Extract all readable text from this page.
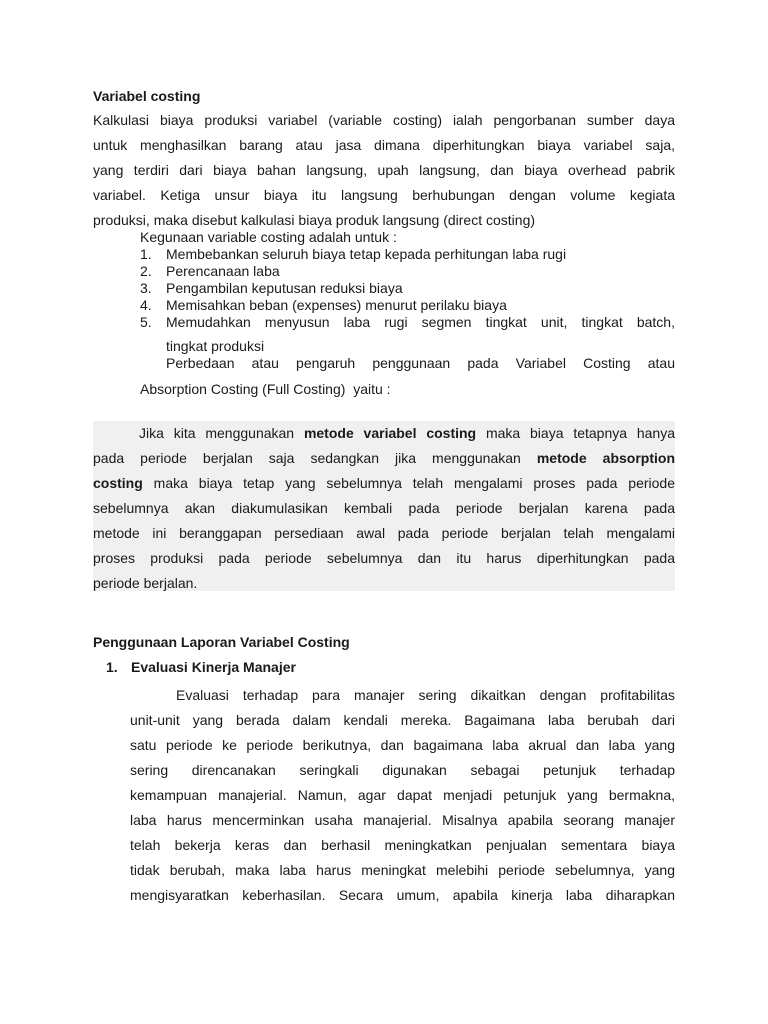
Variabel costing
Kalkulasi biaya produksi variabel (variable costing) ialah pengorbanan sumber daya
untuk menghasilkan barang atau jasa dimana diperhitungkan biaya variabel saja,
yang terdiri dari biaya bahan langsung, upah langsung, dan biaya overhead pabrik
variabel. Ketiga unsur biaya itu langsung berhubungan dengan volume kegiata
produksi, maka disebut kalkulasi biaya produk langsung (direct costing)
Kegunaan variable costing adalah untuk :
1.	Membebankan seluruh biaya tetap kepada perhitungan laba rugi
2.	Perencanaan laba
3.	Pengambilan keputusan reduksi biaya
4.	Memisahkan beban (expenses) menurut perilaku biaya
5.	Memudahkan menyusun laba rugi segmen tingkat unit, tingkat batch,
tingkat produksi
Perbedaan atau pengaruh penggunaan pada Variabel Costing atau
Absorption Costing (Full Costing)  yaitu :
Jika kita menggunakan metode variabel costing maka biaya tetapnya hanya
pada periode berjalan saja sedangkan jika menggunakan metode absorption
costing maka biaya tetap yang sebelumnya telah mengalami proses pada periode
sebelumnya akan diakumulasikan kembali pada periode berjalan karena pada
metode ini beranggapan persediaan awal pada periode berjalan telah mengalami
proses produksi pada periode sebelumnya dan itu harus diperhitungkan pada
periode berjalan.
Penggunaan Laporan Variabel Costing
1. Evaluasi Kinerja Manajer
Evaluasi terhadap para manajer sering dikaitkan dengan profitabilitas
unit-unit yang berada dalam kendali mereka. Bagaimana laba berubah dari
satu periode ke periode berikutnya, dan bagaimana laba akrual dan laba yang
sering direncanakan seringkali digunakan sebagai petunjuk terhadap
kemampuan manajerial. Namun, agar dapat menjadi petunjuk yang bermakna,
laba harus mencerminkan usaha manajerial. Misalnya apabila seorang manajer
telah bekerja keras dan berhasil meningkatkan penjualan sementara biaya
tidak berubah, maka laba harus meningkat melebihi periode sebelumnya, yang
mengisyaratkan keberhasilan. Secara umum, apabila kinerja laba diharapkan
